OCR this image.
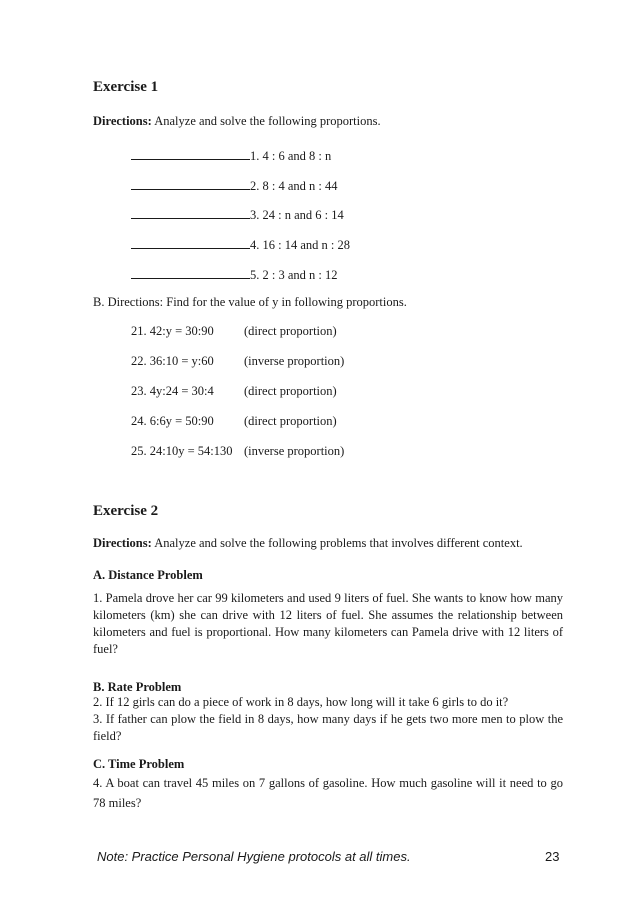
Exercise 1
Directions: Analyze and solve the following proportions.
1. 4 : 6 and 8 : n
2. 8 : 4 and n : 44
3. 24 : n and 6 : 14
4. 16 : 14 and n : 28
5. 2 : 3 and n : 12
B. Directions: Find for the value of y in following proportions.
21. 42:y = 30:90 (direct proportion)
22. 36:10 = y:60 (inverse proportion)
23. 4y:24 = 30:4 (direct proportion)
24. 6:6y = 50:90 (direct proportion)
25. 24:10y = 54:130 (inverse proportion)
Exercise 2
Directions: Analyze and solve the following problems that involves different context.
A. Distance Problem
1. Pamela drove her car 99 kilometers and used 9 liters of fuel. She wants to know how many kilometers (km) she can drive with 12 liters of fuel. She assumes the relationship between kilometers and fuel is proportional. How many kilometers can Pamela drive with 12 liters of fuel?
B. Rate Problem
2. If 12 girls can do a piece of work in 8 days, how long will it take 6 girls to do it?
3. If father can plow the field in 8 days, how many days if he gets two more men to plow the field?
C. Time Problem
4. A boat can travel 45 miles on 7 gallons of gasoline. How much gasoline will it need to go 78 miles?
Note: Practice Personal Hygiene protocols at all times.	23
